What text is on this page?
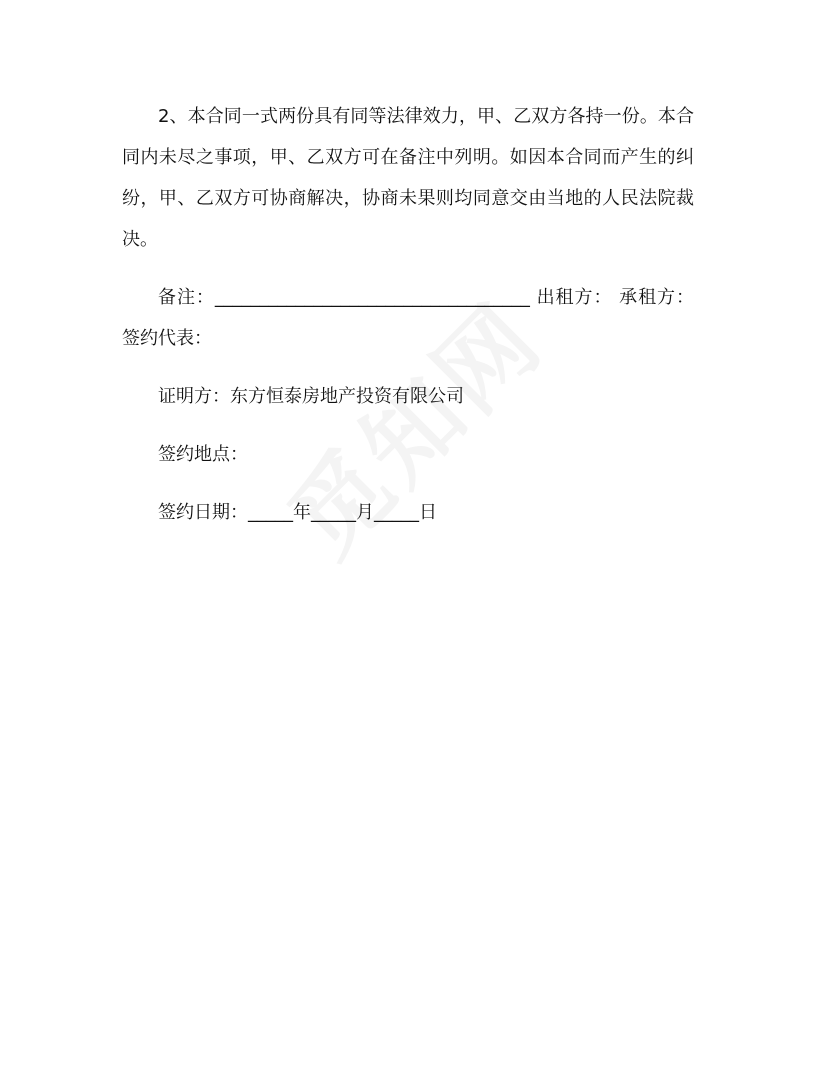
2、本合同一式两份具有同等法律效力，甲、乙双方各持一份。本合同内未尽之事项，甲、乙双方可在备注中列明。如因本合同而产生的纠纷，甲、乙双方可协商解决，协商未果则均同意交由当地的人民法院裁决。

备注：___________________________________ 出租方： 承租方： 签约代表：

证明方：东方恒泰房地产投资有限公司

签约地点：

签约日期：_____年_____月_____日
